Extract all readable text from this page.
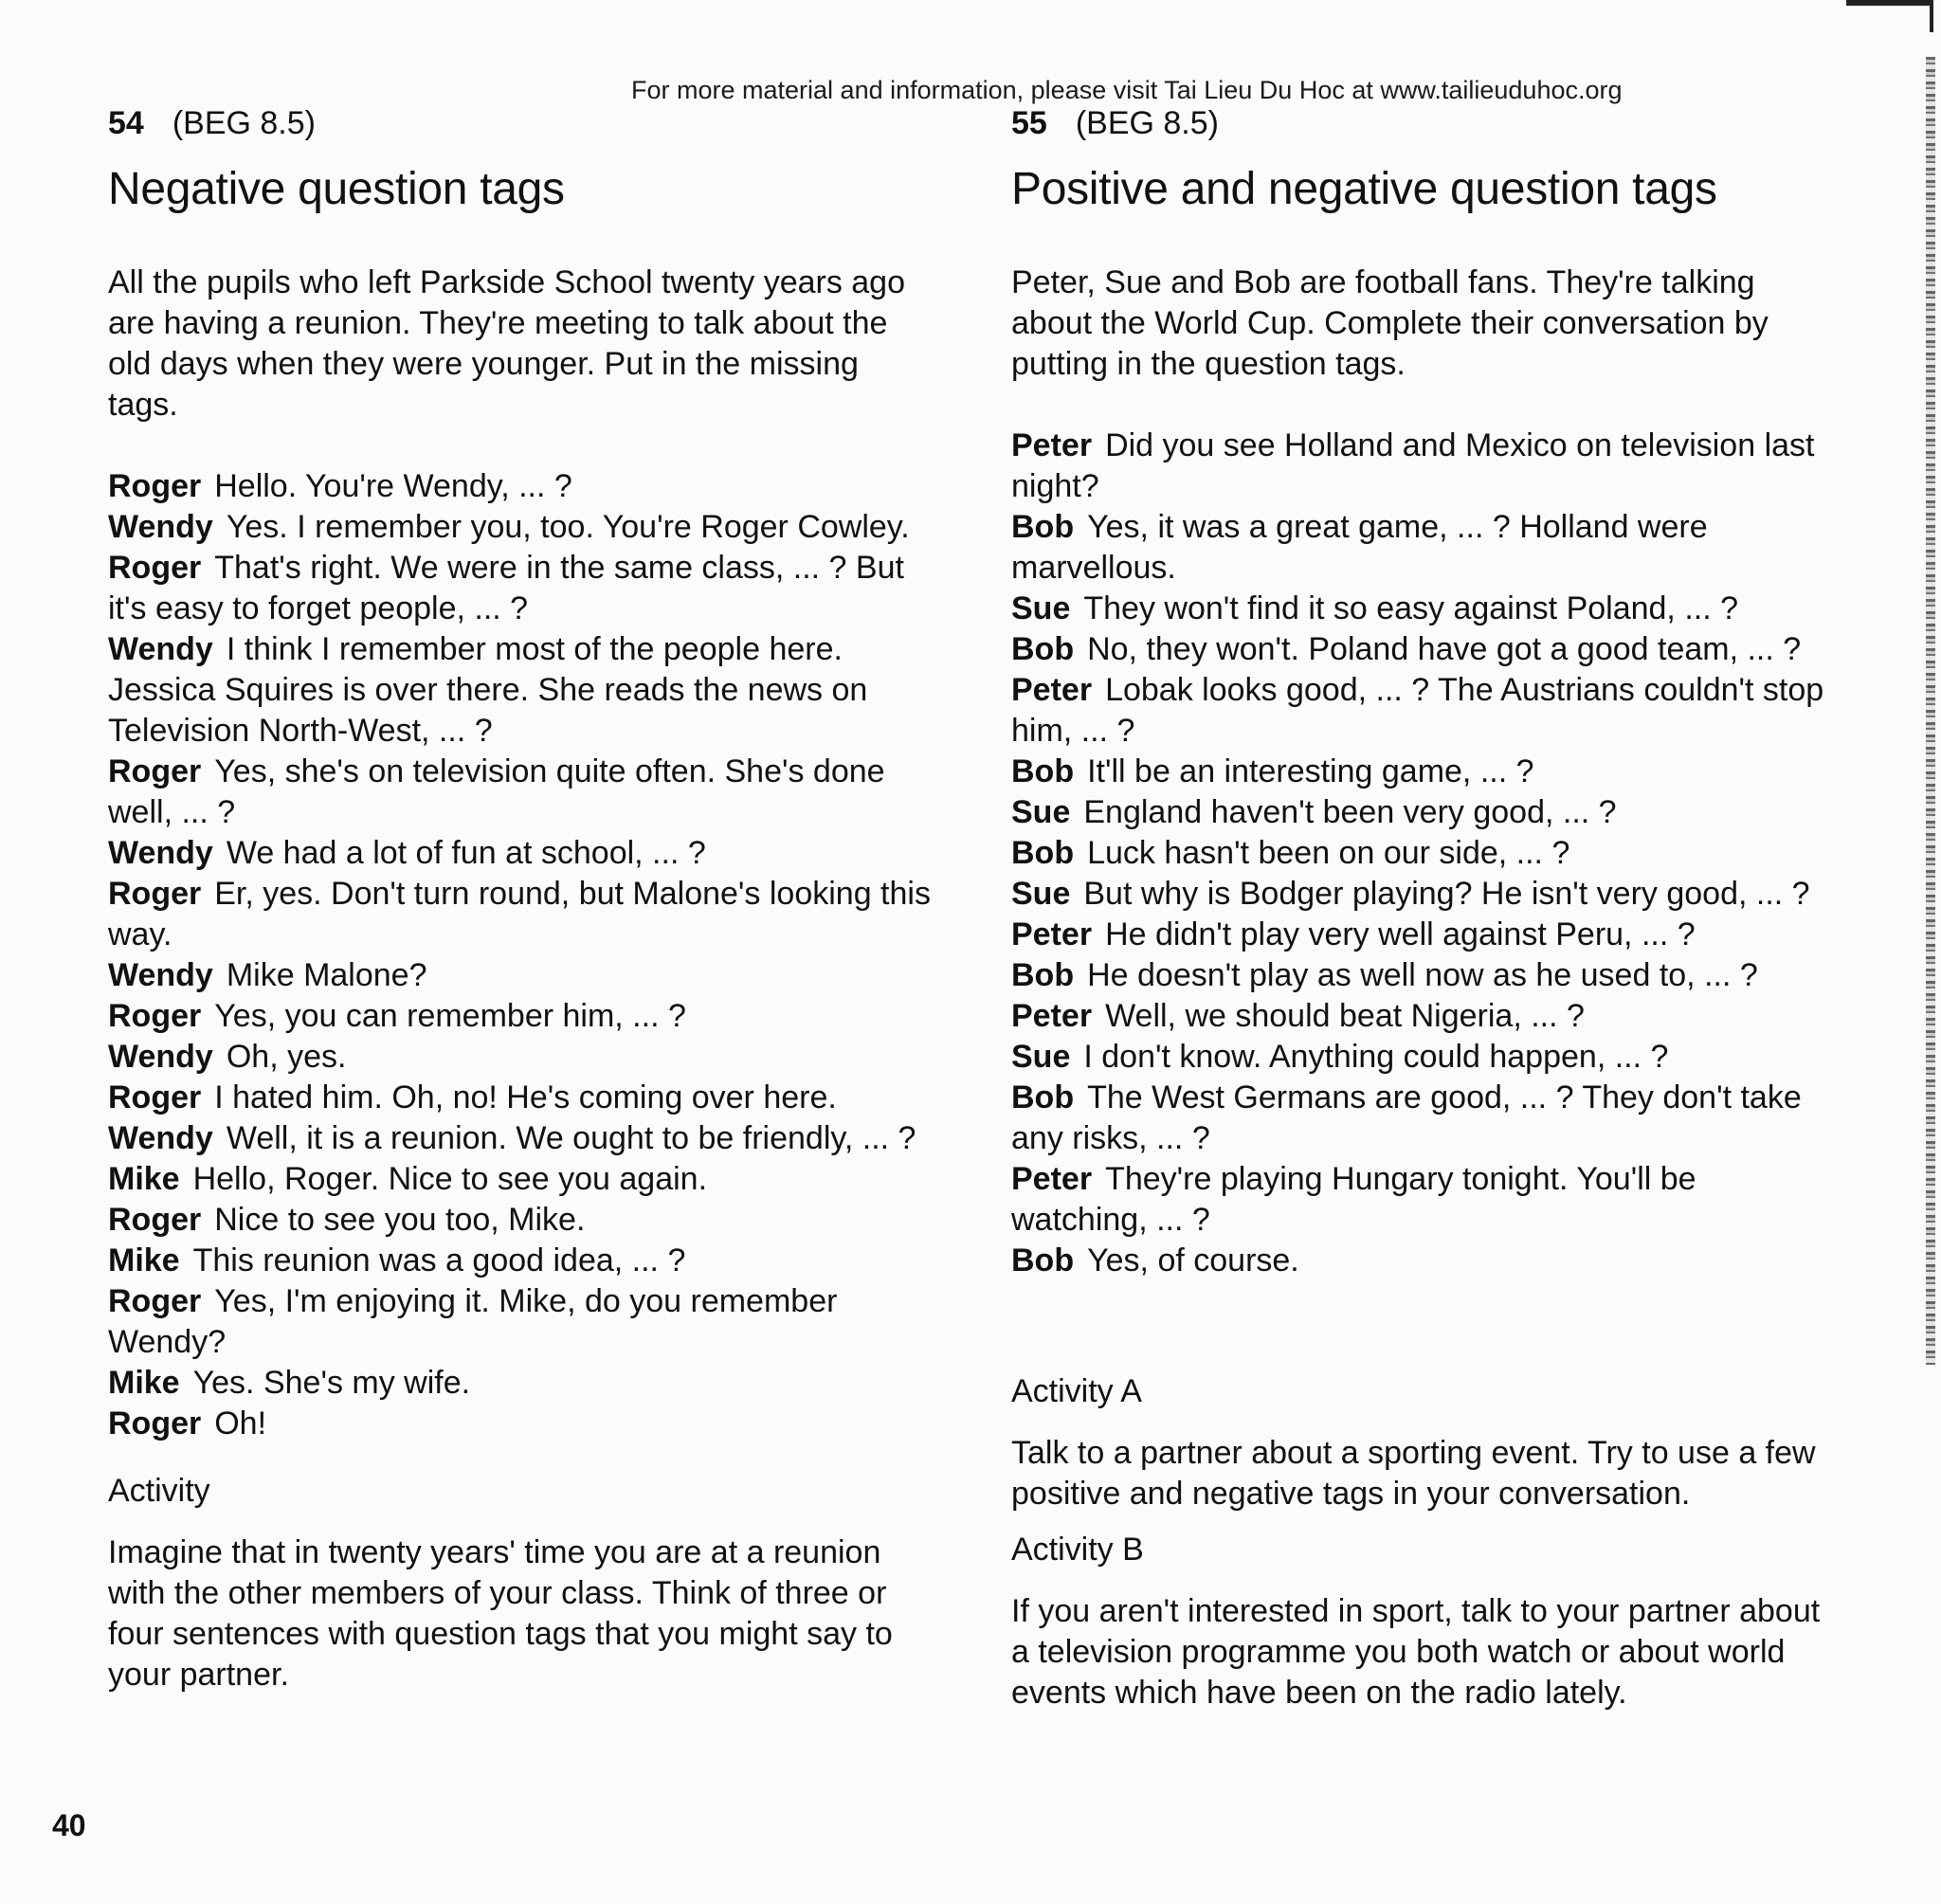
For more material and information, please visit Tai Lieu Du Hoc at www.tailieuduhoc.org

54 (BEG 8.5)

Negative question tags

All the pupils who left Parkside School twenty years ago are having a reunion. They're meeting to talk about the old days when they were younger. Put in the missing tags.

Roger Hello. You're Wendy, ... ?
Wendy Yes. I remember you, too. You're Roger Cowley.
Roger That's right. We were in the same class, ... ? But it's easy to forget people, ... ?
Wendy I think I remember most of the people here. Jessica Squires is over there. She reads the news on Television North-West, ... ?
Roger Yes, she's on television quite often. She's done well, ... ?
Wendy We had a lot of fun at school, ... ?
Roger Er, yes. Don't turn round, but Malone's looking this way.
Wendy Mike Malone?
Roger Yes, you can remember him, ... ?
Wendy Oh, yes.
Roger I hated him. Oh, no! He's coming over here.
Wendy Well, it is a reunion. We ought to be friendly, ... ?
Mike Hello, Roger. Nice to see you again.
Roger Nice to see you too, Mike.
Mike This reunion was a good idea, ... ?
Roger Yes, I'm enjoying it. Mike, do you remember Wendy?
Mike Yes. She's my wife.
Roger Oh!

Activity

Imagine that in twenty years' time you are at a reunion with the other members of your class. Think of three or four sentences with question tags that you might say to your partner.

55 (BEG 8.5)

Positive and negative question tags

Peter, Sue and Bob are football fans. They're talking about the World Cup. Complete their conversation by putting in the question tags.

Peter Did you see Holland and Mexico on television last night?
Bob Yes, it was a great game, ... ? Holland were marvellous.
Sue They won't find it so easy against Poland, ... ?
Bob No, they won't. Poland have got a good team, ... ?
Peter Lobak looks good, ... ? The Austrians couldn't stop him, ... ?
Bob It'll be an interesting game, ... ?
Sue England haven't been very good, ... ?
Bob Luck hasn't been on our side, ... ?
Sue But why is Bodger playing? He isn't very good, ... ?
Peter He didn't play very well against Peru, ... ?
Bob He doesn't play as well now as he used to, ... ?
Peter Well, we should beat Nigeria, ... ?
Sue I don't know. Anything could happen, ... ?
Bob The West Germans are good, ... ? They don't take any risks, ... ?
Peter They're playing Hungary tonight. You'll be watching, ... ?
Bob Yes, of course.

Activity A

Talk to a partner about a sporting event. Try to use a few positive and negative tags in your conversation.

Activity B

If you aren't interested in sport, talk to your partner about a television programme you both watch or about world events which have been on the radio lately.

40
